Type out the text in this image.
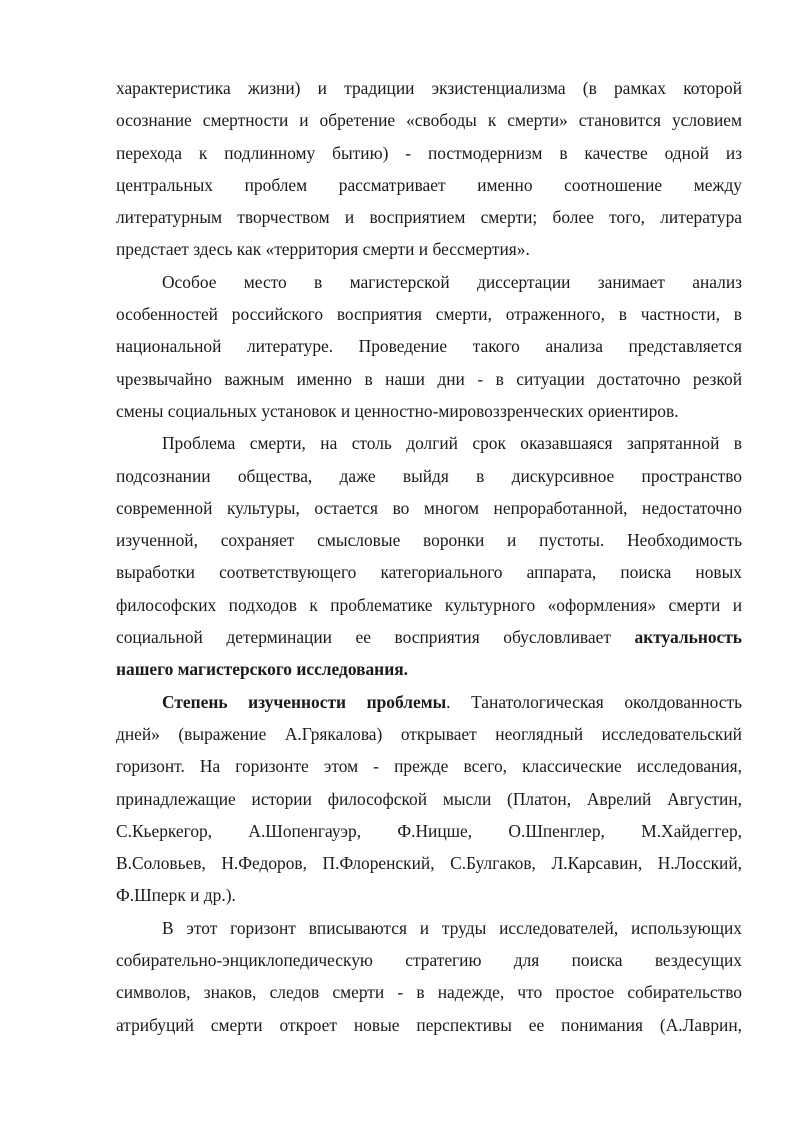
характеристика жизни) и традиции экзистенциализма (в рамках которой
осознание смертности и обретение «свободы к смерти» становится условием
перехода к подлинному бытию) - постмодернизм в качестве одной из
центральных проблем рассматривает именно соотношение между
литературным творчеством и восприятием смерти; более того, литература
предстает здесь как «территория смерти и бессмертия».
Особое место в магистерской диссертации занимает анализ
особенностей российского восприятия смерти, отраженного, в частности, в
национальной литературе. Проведение такого анализа представляется
чрезвычайно важным именно в наши дни - в ситуации достаточно резкой
смены социальных установок и ценностно-мировоззренческих ориентиров.
Проблема смерти, на столь долгий срок оказавшаяся запрятанной в
подсознании общества, даже выйдя в дискурсивное пространство
современной культуры, остается во многом непроработанной, недостаточно
изученной, сохраняет смысловые воронки и пустоты. Необходимость
выработки соответствующего категориального аппарата, поиска новых
философских подходов к проблематике культурного «оформления» смерти и
социальной детерминации ее восприятия обусловливает актуальность
нашего магистерского исследования.
Степень изученности проблемы. Танатологическая околдованность
дней» (выражение А.Грякалова) открывает неоглядный исследовательский
горизонт. На горизонте этом - прежде всего, классические исследования,
принадлежащие истории философской мысли (Платон, Аврелий Августин,
С.Кьеркегор, А.Шопенгауэр, Ф.Ницше, О.Шпенглер, М.Хайдеггер,
В.Соловьев, Н.Федоров, П.Флоренский, С.Булгаков, Л.Карсавин, Н.Лосский,
Ф.Шперк и др.).
В этот горизонт вписываются и труды исследователей, использующих
собирательно-энциклопедическую стратегию для поиска вездесущих
символов, знаков, следов смерти - в надежде, что простое собирательство
атрибуций смерти откроет новые перспективы ее понимания (А.Лаврин,
